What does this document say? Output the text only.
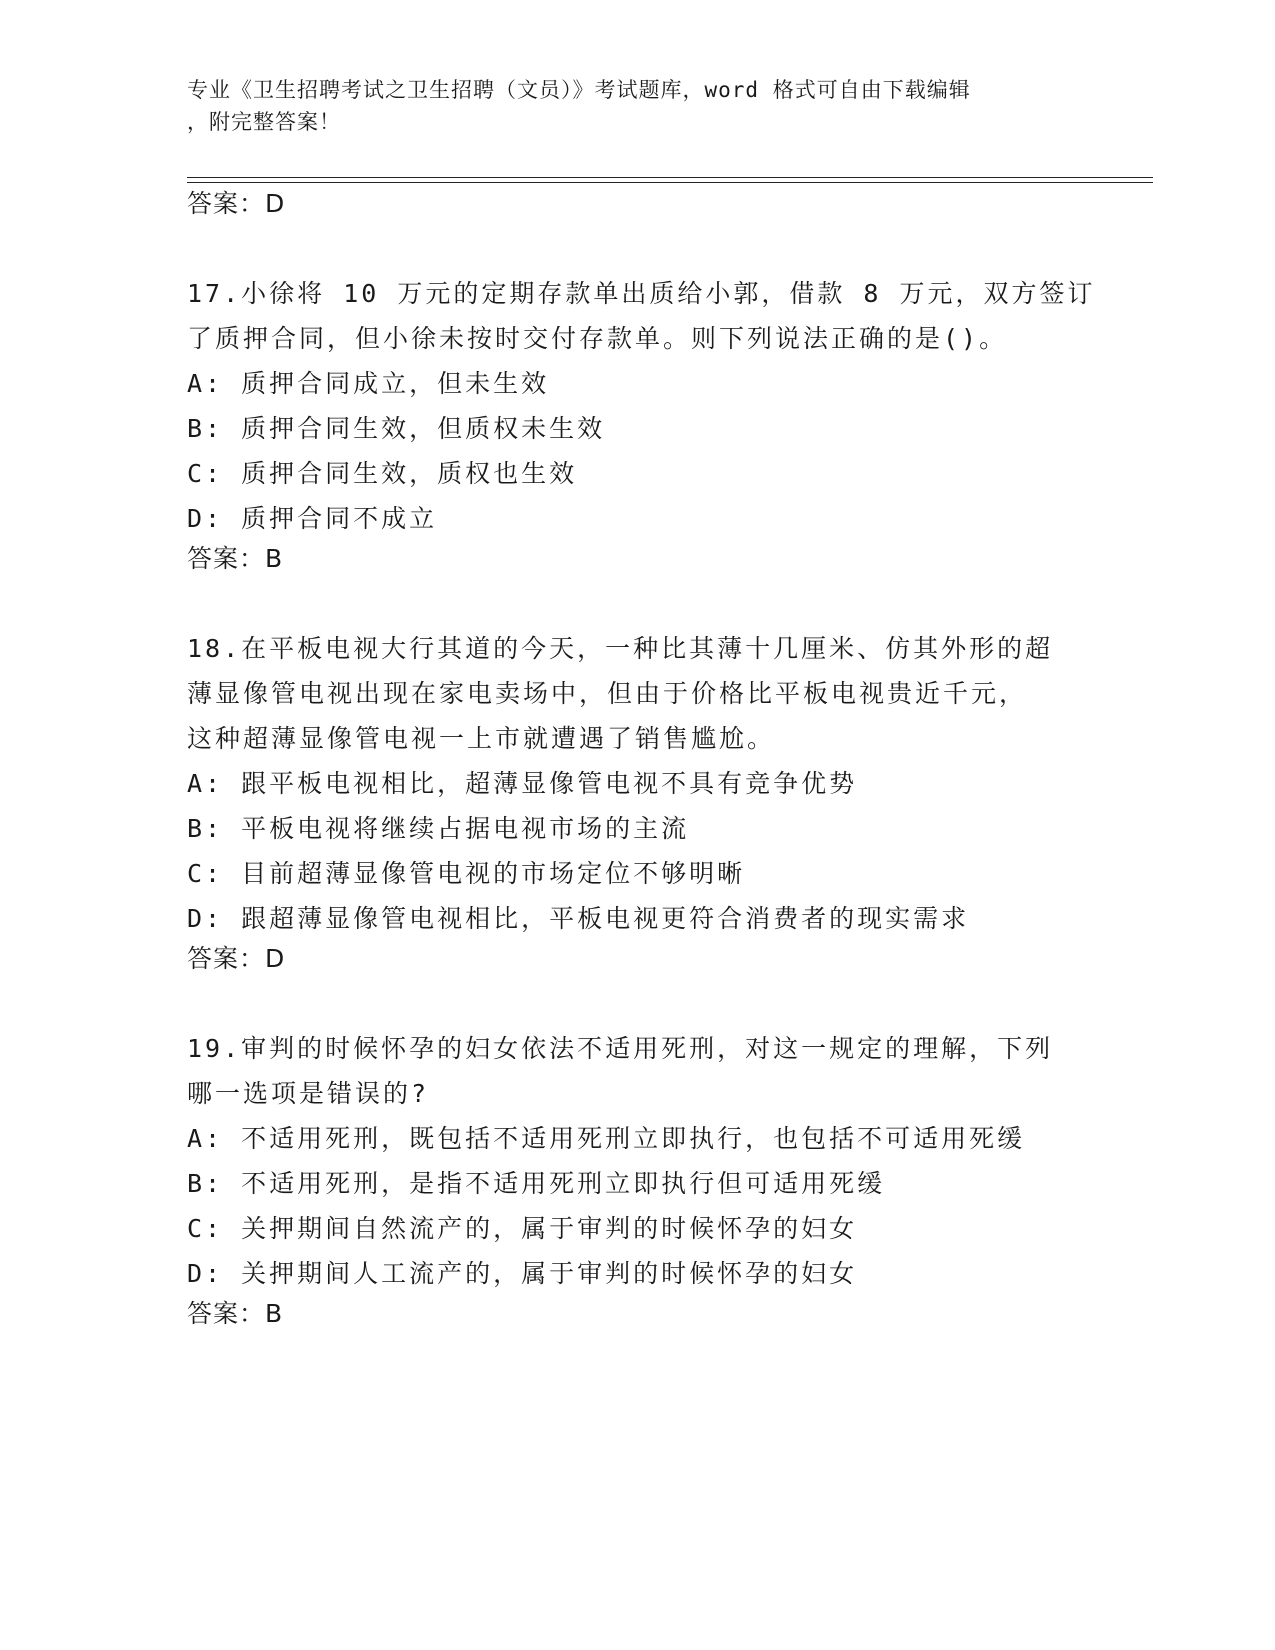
专业《卫生招聘考试之卫生招聘（文员）》考试题库，word 格式可自由下载编辑
，附完整答案！
答案：D
17.小徐将 10 万元的定期存款单出质给小郭，借款 8 万元，双方签订
了质押合同，但小徐未按时交付存款单。则下列说法正确的是()。
A: 质押合同成立，但未生效
B: 质押合同生效，但质权未生效
C: 质押合同生效，质权也生效
D: 质押合同不成立
答案：B
18.在平板电视大行其道的今天，一种比其薄十几厘米、仿其外形的超
薄显像管电视出现在家电卖场中，但由于价格比平板电视贵近千元，
这种超薄显像管电视一上市就遭遇了销售尴尬。
A: 跟平板电视相比，超薄显像管电视不具有竞争优势
B: 平板电视将继续占据电视市场的主流
C: 目前超薄显像管电视的市场定位不够明晰
D: 跟超薄显像管电视相比，平板电视更符合消费者的现实需求
答案：D
19.审判的时候怀孕的妇女依法不适用死刑，对这一规定的理解，下列
哪一选项是错误的?
A: 不适用死刑，既包括不适用死刑立即执行，也包括不可适用死缓
B: 不适用死刑，是指不适用死刑立即执行但可适用死缓
C: 关押期间自然流产的，属于审判的时候怀孕的妇女
D: 关押期间人工流产的，属于审判的时候怀孕的妇女
答案：B
